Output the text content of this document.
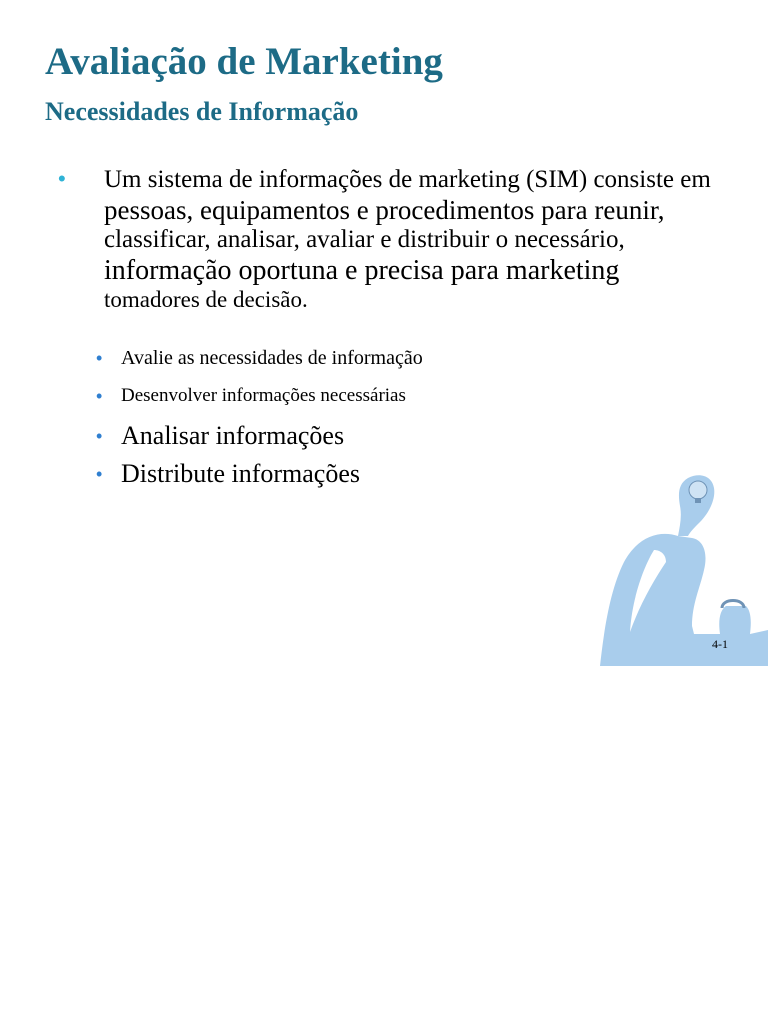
Avaliação de Marketing
Necessidades de Informação
• Um sistema de informações de marketing (SIM) consiste em
pessoas, equipamentos e procedimentos para reunir,
classificar, analisar, avaliar e distribuir o necessário,
informação oportuna e precisa para marketing
tomadores de decisão.
• Avalie as necessidades de informação
• Desenvolver informações necessárias
• Analisar informações
• Distribute informações
4-1
